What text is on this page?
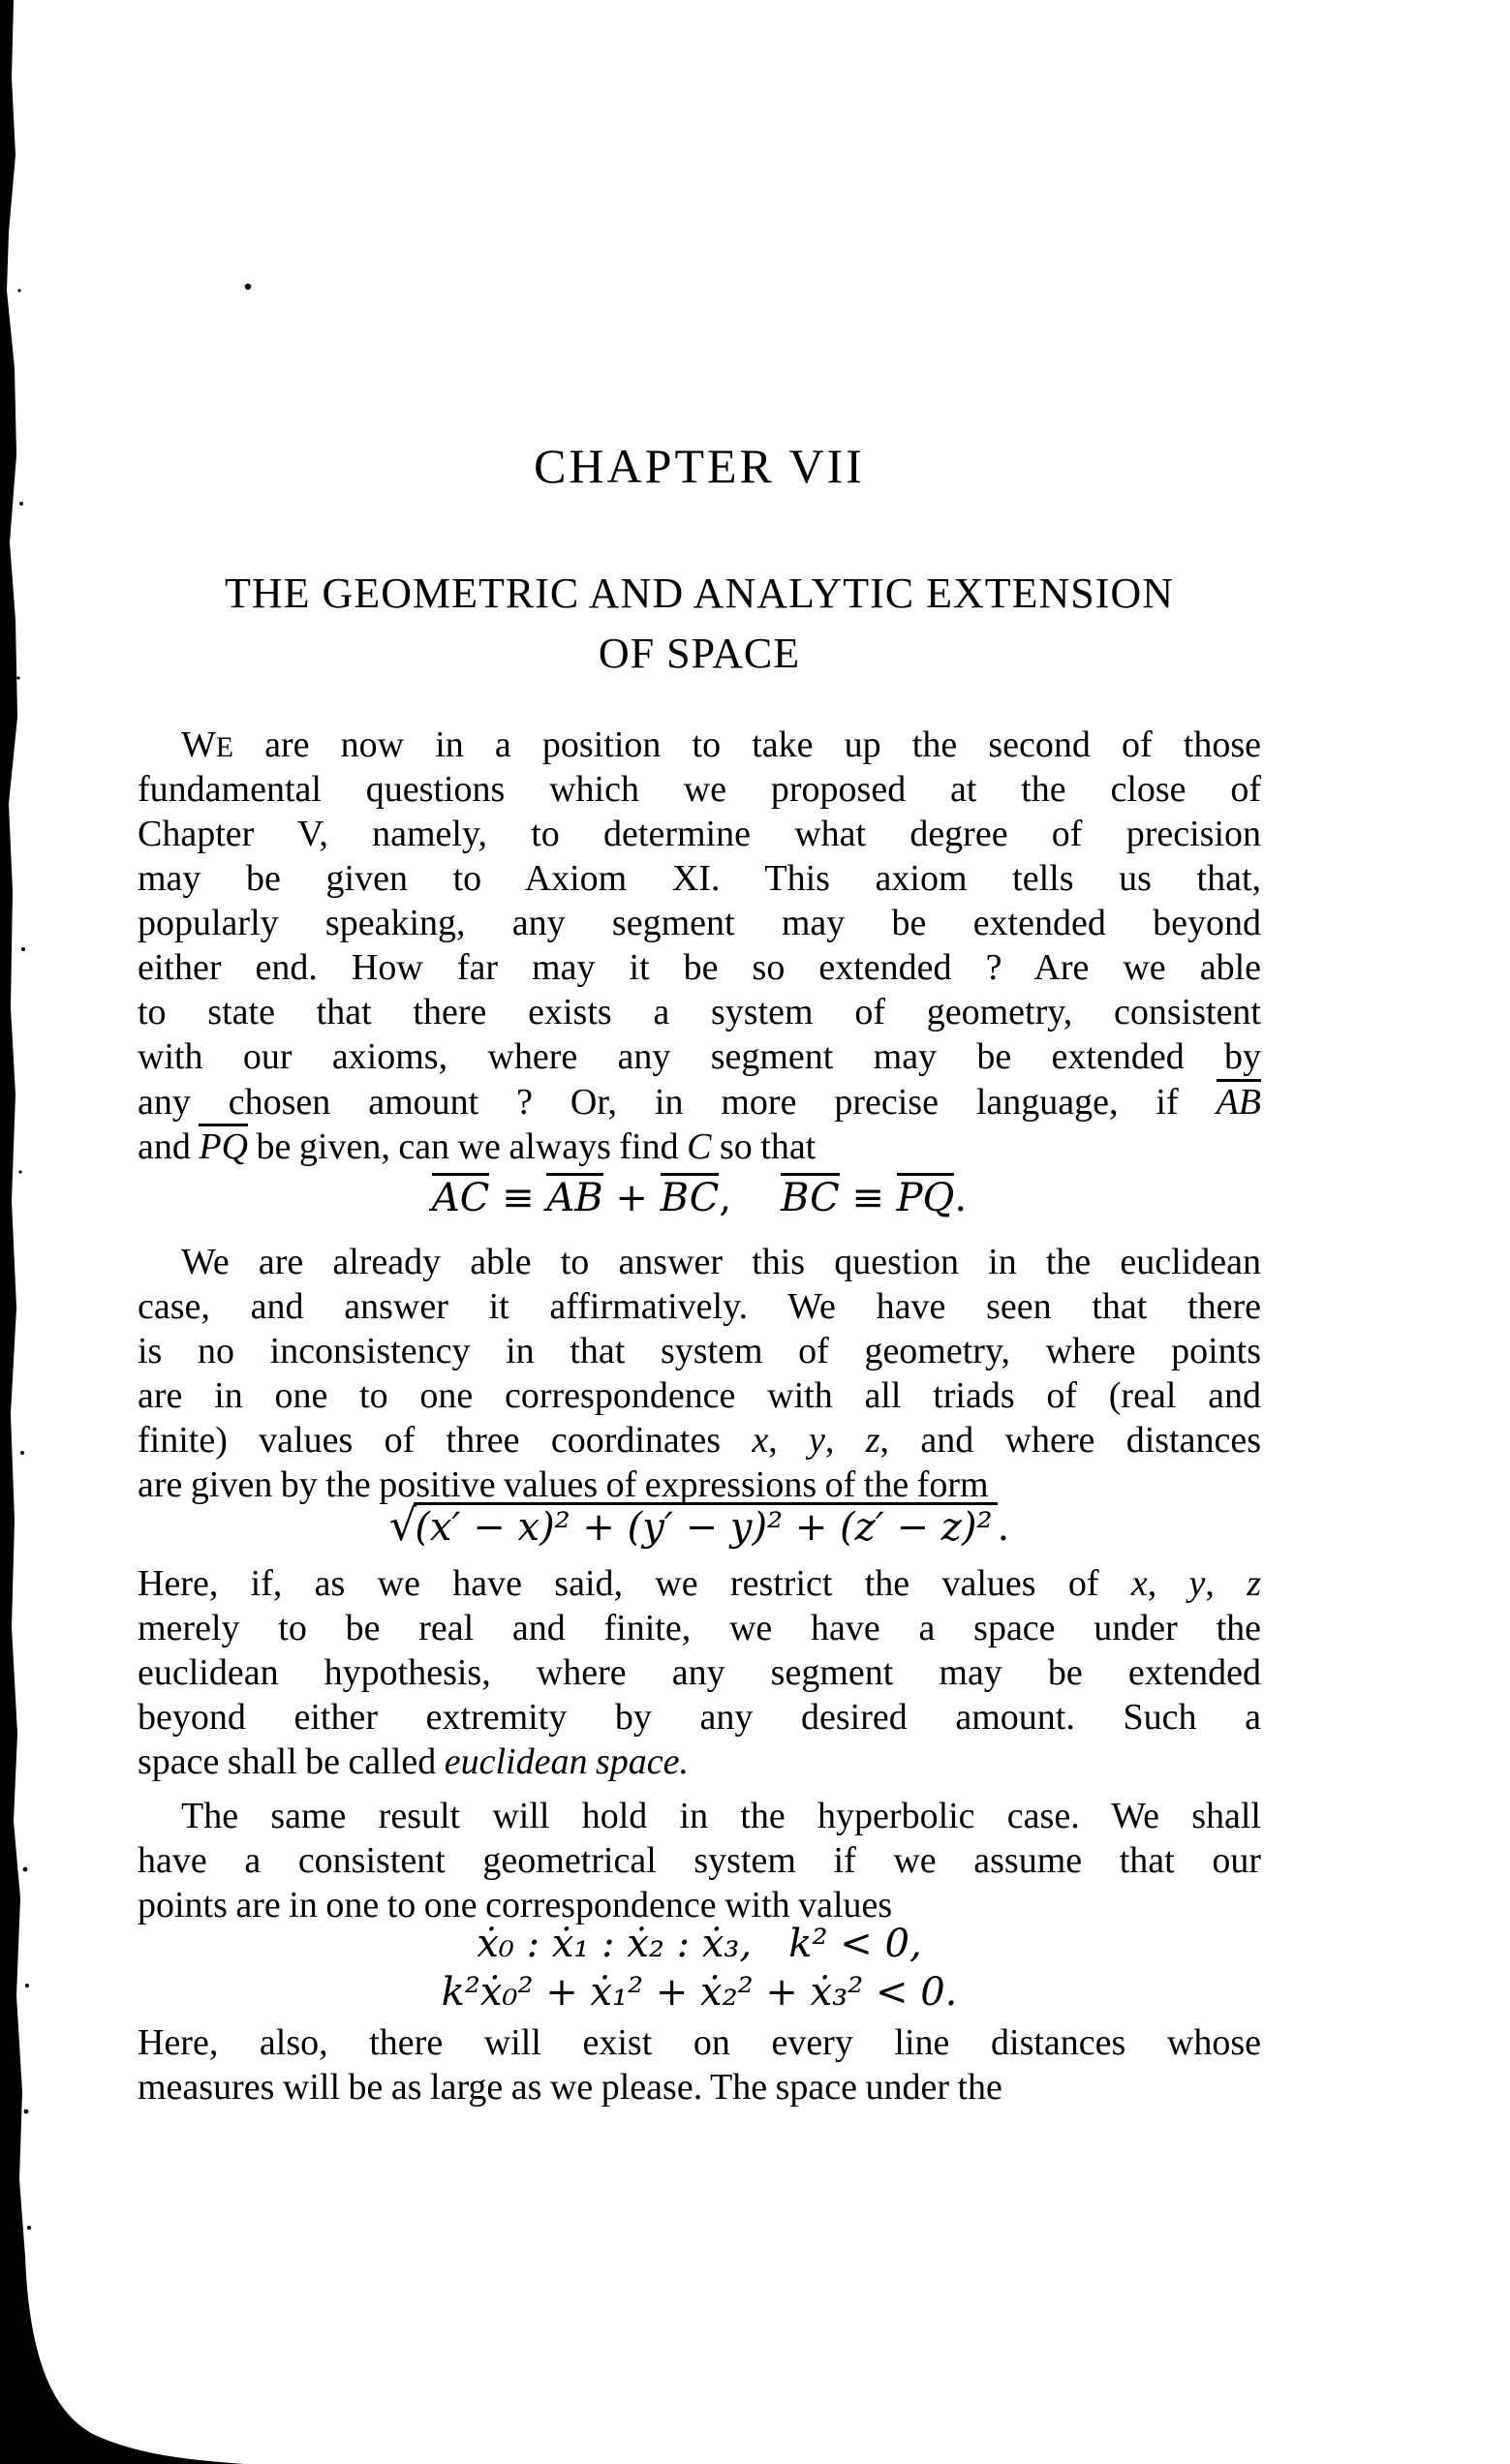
CHAPTER VII
THE GEOMETRIC AND ANALYTIC EXTENSION
OF SPACE
WE are now in a position to take up the second of those
fundamental questions which we proposed at the close of
Chapter V, namely, to determine what degree of precision
may be given to Axiom XI. This axiom tells us that,
popularly speaking, any segment may be extended beyond
either end. How far may it be so extended ? Are we able
to state that there exists a system of geometry, consistent
with our axioms, where any segment may be extended by
any chosen amount ? Or, in more precise language, if AB
and PQ be given, can we always find C so that
AC ≡ AB + BC,    BC ≡ PQ.
We are already able to answer this question in the euclidean
case, and answer it affirmatively. We have seen that there
is no inconsistency in that system of geometry, where points
are in one to one correspondence with all triads of (real and
finite) values of three coordinates x, y, z, and where distances
are given by the positive values of expressions of the form
√(x′ − x)² + (y′ − y)² + (z′ − z)² .
Here, if, as we have said, we restrict the values of x, y, z
merely to be real and finite, we have a space under the
euclidean hypothesis, where any segment may be extended
beyond either extremity by any desired amount. Such a
space shall be called euclidean space.
The same result will hold in the hyperbolic case. We shall
have a consistent geometrical system if we assume that our
points are in one to one correspondence with values
ẋ₀ : ẋ₁ : ẋ₂ : ẋ₃,   k² < 0,
k²ẋ₀² + ẋ₁² + ẋ₂² + ẋ₃² < 0.
Here, also, there will exist on every line distances whose
measures will be as large as we please. The space under the
